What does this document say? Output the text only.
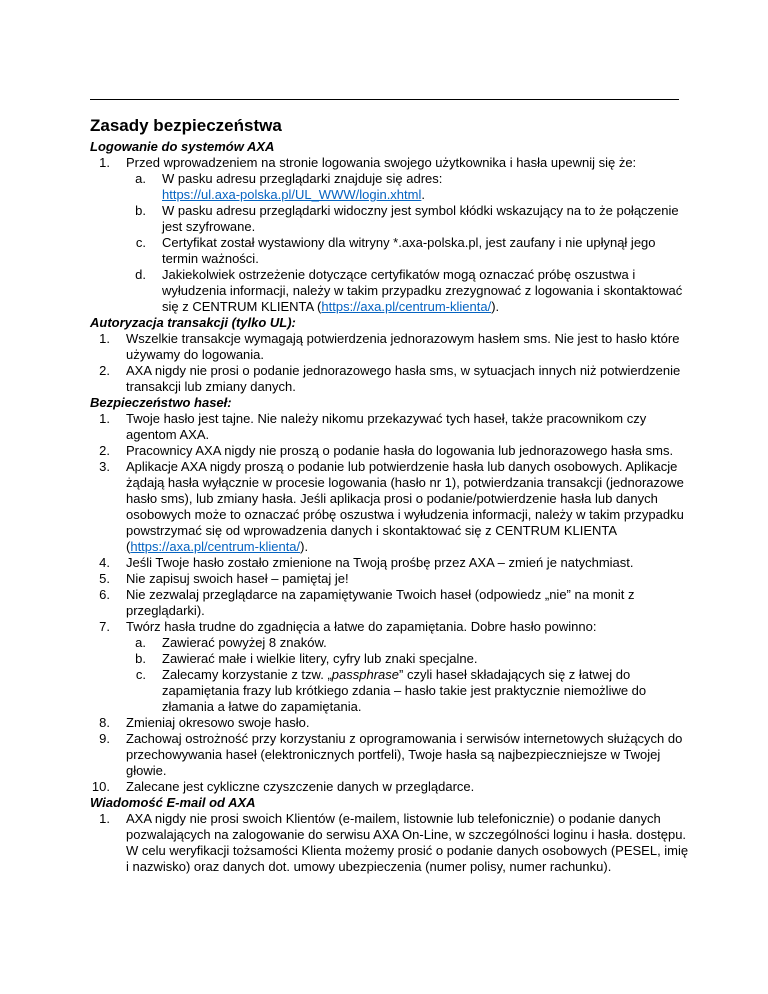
Zasady bezpieczeństwa

Logowanie do systemów AXA

1. Przed wprowadzeniem na stronie logowania swojego użytkownika i hasła upewnij się że:

a. W pasku adresu przeglądarki znajduje się adres:
https://ul.axa-polska.pl/UL_WWW/login.xhtml.

b. W pasku adresu przeglądarki widoczny jest symbol kłódki wskazujący na to że połączenie jest szyfrowane.

c. Certyfikat został wystawiony dla witryny *.axa-polska.pl, jest zaufany i nie upłynął jego termin ważności.

d. Jakiekolwiek ostrzeżenie dotyczące certyfikatów mogą oznaczać próbę oszustwa i wyłudzenia informacji, należy w takim przypadku zrezygnować z logowania i skontaktować się z CENTRUM KLIENTA (https://axa.pl/centrum-klienta/).

Autoryzacja transakcji (tylko UL):

1. Wszelkie transakcje wymagają potwierdzenia jednorazowym hasłem sms. Nie jest to hasło które używamy do logowania.

2. AXA nigdy nie prosi o podanie jednorazowego hasła sms, w sytuacjach innych niż potwierdzenie transakcji lub zmiany danych.

Bezpieczeństwo haseł:

1. Twoje hasło jest tajne. Nie należy nikomu przekazywać tych haseł, także pracownikom czy agentom AXA.

2. Pracownicy AXA nigdy nie proszą o podanie hasła do logowania lub jednorazowego hasła sms.

3. Aplikacje AXA nigdy proszą o podanie lub potwierdzenie hasła lub danych osobowych. Aplikacje żądają hasła wyłącznie w procesie logowania (hasło nr 1), potwierdzania transakcji (jednorazowe hasło sms), lub zmiany hasła. Jeśli aplikacja prosi o podanie/potwierdzenie hasła lub danych osobowych może to oznaczać próbę oszustwa i wyłudzenia informacji, należy w takim przypadku powstrzymać się od wprowadzenia danych i skontaktować się z CENTRUM KLIENTA (https://axa.pl/centrum-klienta/).

4. Jeśli Twoje hasło zostało zmienione na Twoją prośbę przez AXA – zmień je natychmiast.

5. Nie zapisuj swoich haseł – pamiętaj je!

6. Nie zezwalaj przeglądarce na zapamiętywanie Twoich haseł (odpowiedz „nie” na monit z przeglądarki).

7. Twórz hasła trudne do zgadnięcia a łatwe do zapamiętania. Dobre hasło powinno:

a. Zawierać powyżej 8 znaków.

b. Zawierać małe i wielkie litery, cyfry lub znaki specjalne.

c. Zalecamy korzystanie z tzw. „passphrase” czyli haseł składających się z łatwej do zapamiętania frazy lub krótkiego zdania – hasło takie jest praktycznie niemożliwe do złamania a łatwe do zapamiętania.

8. Zmieniaj okresowo swoje hasło.

9. Zachowaj ostrożność przy korzystaniu z oprogramowania i serwisów internetowych służących do przechowywania haseł (elektronicznych portfeli), Twoje hasła są najbezpieczniejsze w Twojej głowie.

10. Zalecane jest cykliczne czyszczenie danych w przeglądarce.

Wiadomość E-mail od AXA

1. AXA nigdy nie prosi swoich Klientów (e-mailem, listownie lub telefonicznie) o podanie danych pozwalających na zalogowanie do serwisu AXA On-Line, w szczególności loginu i hasła. dostępu. W celu weryfikacji tożsamości Klienta możemy prosić o podanie danych osobowych (PESEL, imię i nazwisko) oraz danych dot. umowy ubezpieczenia (numer polisy, numer rachunku).
